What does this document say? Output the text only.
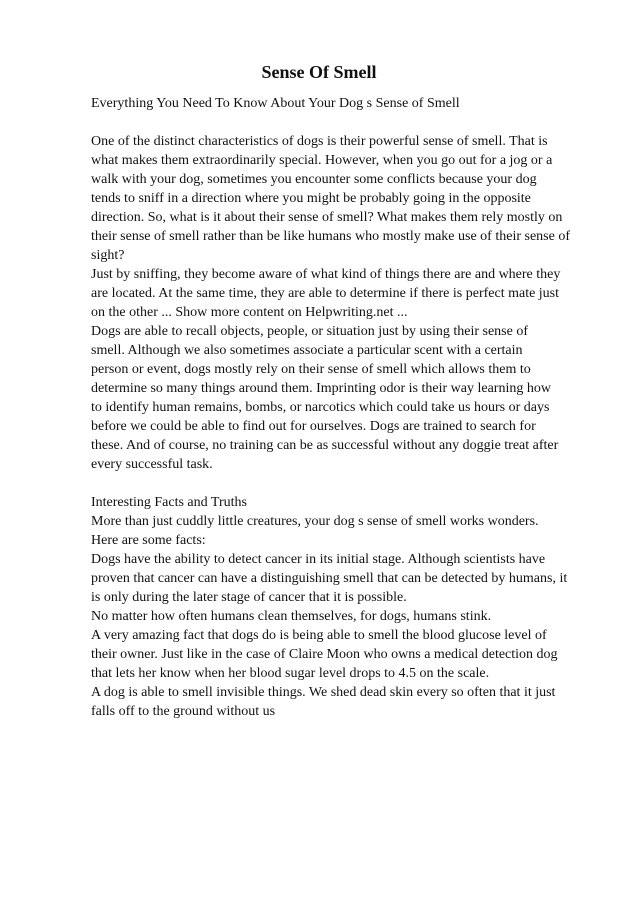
Sense Of Smell
Everything You Need To Know About Your Dog s Sense of Smell
One of the distinct characteristics of dogs is their powerful sense of smell. That is
what makes them extraordinarily special. However, when you go out for a jog or a
walk with your dog, sometimes you encounter some conflicts because your dog
tends to sniff in a direction where you might be probably going in the opposite
direction. So, what is it about their sense of smell? What makes them rely mostly on
their sense of smell rather than be like humans who mostly make use of their sense of
sight?
Just by sniffing, they become aware of what kind of things there are and where they
are located. At the same time, they are able to determine if there is perfect mate just
on the other ... Show more content on Helpwriting.net ...
Dogs are able to recall objects, people, or situation just by using their sense of
smell. Although we also sometimes associate a particular scent with a certain
person or event, dogs mostly rely on their sense of smell which allows them to
determine so many things around them. Imprinting odor is their way learning how
to identify human remains, bombs, or narcotics which could take us hours or days
before we could be able to find out for ourselves. Dogs are trained to search for
these. And of course, no training can be as successful without any doggie treat after
every successful task.
Interesting Facts and Truths
More than just cuddly little creatures, your dog s sense of smell works wonders.
Here are some facts:
Dogs have the ability to detect cancer in its initial stage. Although scientists have
proven that cancer can have a distinguishing smell that can be detected by humans, it
is only during the later stage of cancer that it is possible.
No matter how often humans clean themselves, for dogs, humans stink.
A very amazing fact that dogs do is being able to smell the blood glucose level of
their owner. Just like in the case of Claire Moon who owns a medical detection dog
that lets her know when her blood sugar level drops to 4.5 on the scale.
A dog is able to smell invisible things. We shed dead skin every so often that it just
falls off to the ground without us
